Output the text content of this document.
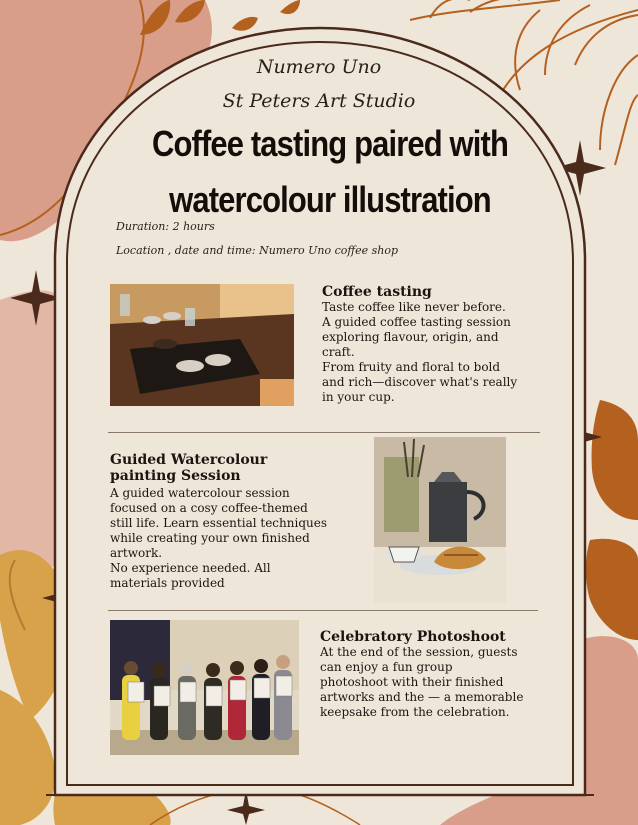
Numero Uno
St Peters Art Studio
Coffee tasting paired with
watercolour illustration
Duration: 2 hours
Location , date and time: Numero Uno coffee shop
Coffee tasting

Taste coffee like never before.

A guided coffee tasting session

exploring flavour, origin, and

craft.

From fruity and floral to bold

and rich—discover what's really

in your cup.

Guided Watercolour
painting Session

A guided watercolour session

focused on a cosy coffee-themed

still life. Learn essential techniques

while creating your own finished

artwork.

No experience needed. All

materials provided

Celebratory Photoshoot

At the end of the session, guests

can enjoy a fun group

photoshoot with their finished

artworks and the — a memorable

keepsake from the celebration.
